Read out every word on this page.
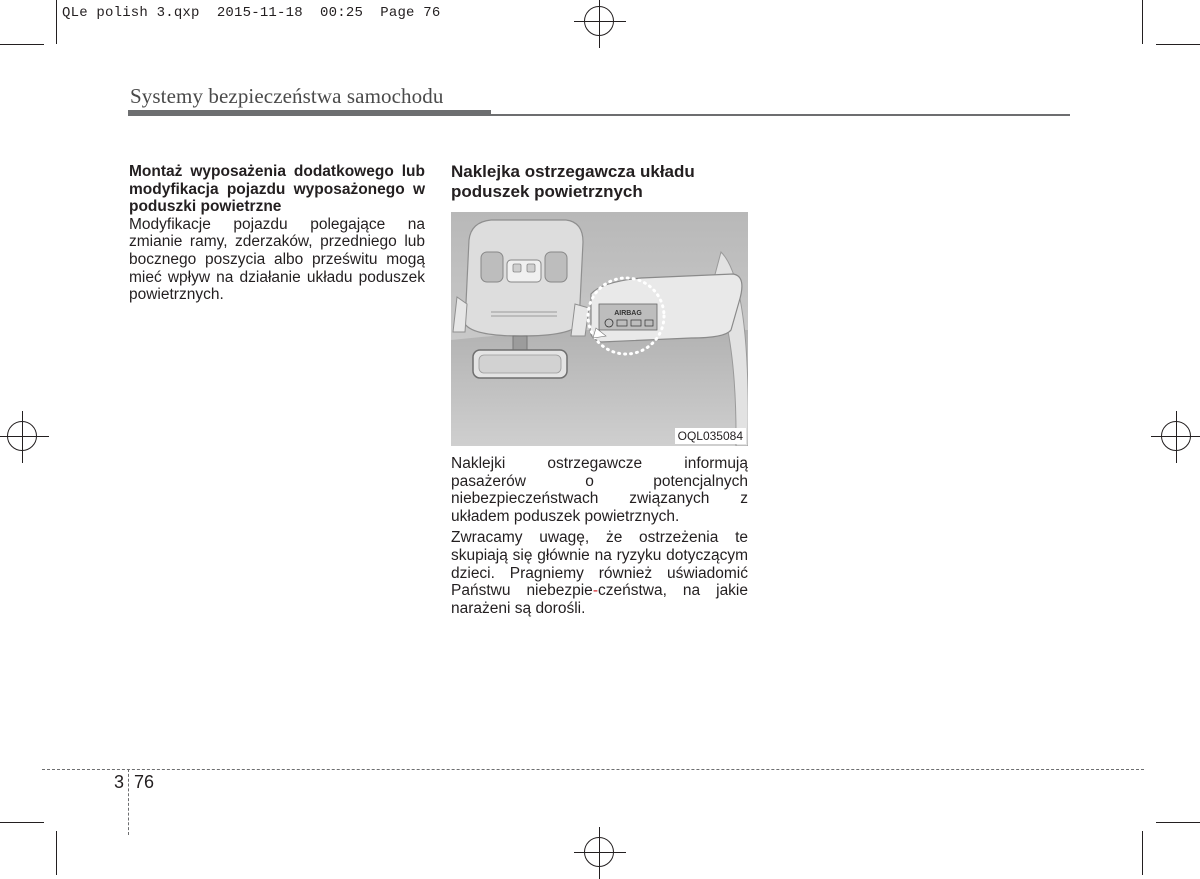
QLe polish 3.qxp  2015-11-18  00:25  Page 76
Systemy bezpieczeństwa samochodu

Montaż wyposażenia dodatkowego lub modyfikacja pojazdu wyposażonego w poduszki powietrzne

Modyfikacje pojazdu polegające na zmianie ramy, zderzaków, przedniego lub bocznego poszycia albo prześwitu mogą mieć wpływ na działanie układu poduszek powietrznych.

Naklejka ostrzegawcza układu poduszek powietrznych
AIRBAG
OQL035084

Naklejki ostrzegawcze informują pasażerów o potencjalnych niebezpieczeństwach związanych z układem poduszek powietrznych.

Zwracamy uwagę, że ostrzeżenia te skupiają się głównie na ryzyku dotyczącym dzieci. Pragniemy również uświadomić Państwu niebezpie-czeństwa, na jakie narażeni są dorośli.

3 76
